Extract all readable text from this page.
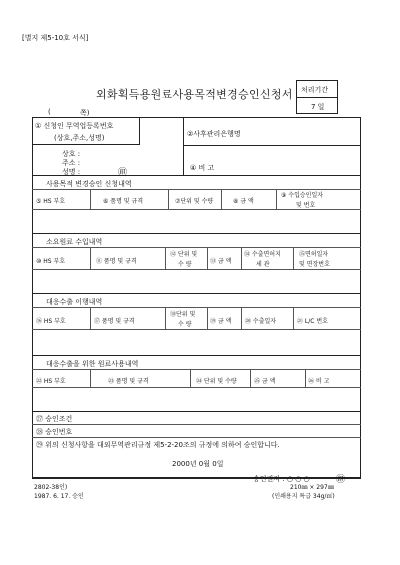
[별지 제5-10호 서식]
외화획득용원료사용목적변경승인신청서 처리기간
7 일
(	쪽)
① 신청인 무역업등록번호
(상호,주소,성명)	②사후관리은행명
상호 :
주소 :
성명 :	㊞	④ 비 고
사용목적 변경승인 신청내역
⑤ HS 부호	⑥ 품명 및 규격	⑦단위 및 수량	⑧ 금 액
⑨ 수입승인일자
및 번호
소요원료 수입내역
⑩ HS 부호	⑪ 품명 및 규격
⑫ 단위 및
수 량	⑬ 금 액
⑭ 수출면허지
세 관
⑮면허일자
및 면장번호
대응수출 이행내역
⑯ HS 부호	⑰ 품명 및 규격
⑱단위 및
수 량	⑲ 금 액 ⑳ 수출일자	㉑ L/C 번호
대응수출을 위한 원료사용내역
㉒ HS 부호	㉓ 품명 및 규격	㉔ 단위 및 수량	㉕ 금 액	㉖ 비 고
㉗ 승인조건
㉘ 승인번호
㉙ 위의 신청사항을 대외무역관리규정 제5-2-20조의 규정에 의하여 승인합니다.
2000년 0월 0일
승인권자 : ○ ○ ○	㊞
2802-38인)
1987. 6. 17. 승인
210㎜ × 297㎜
(인쇄용지 특급 34g/㎡)
